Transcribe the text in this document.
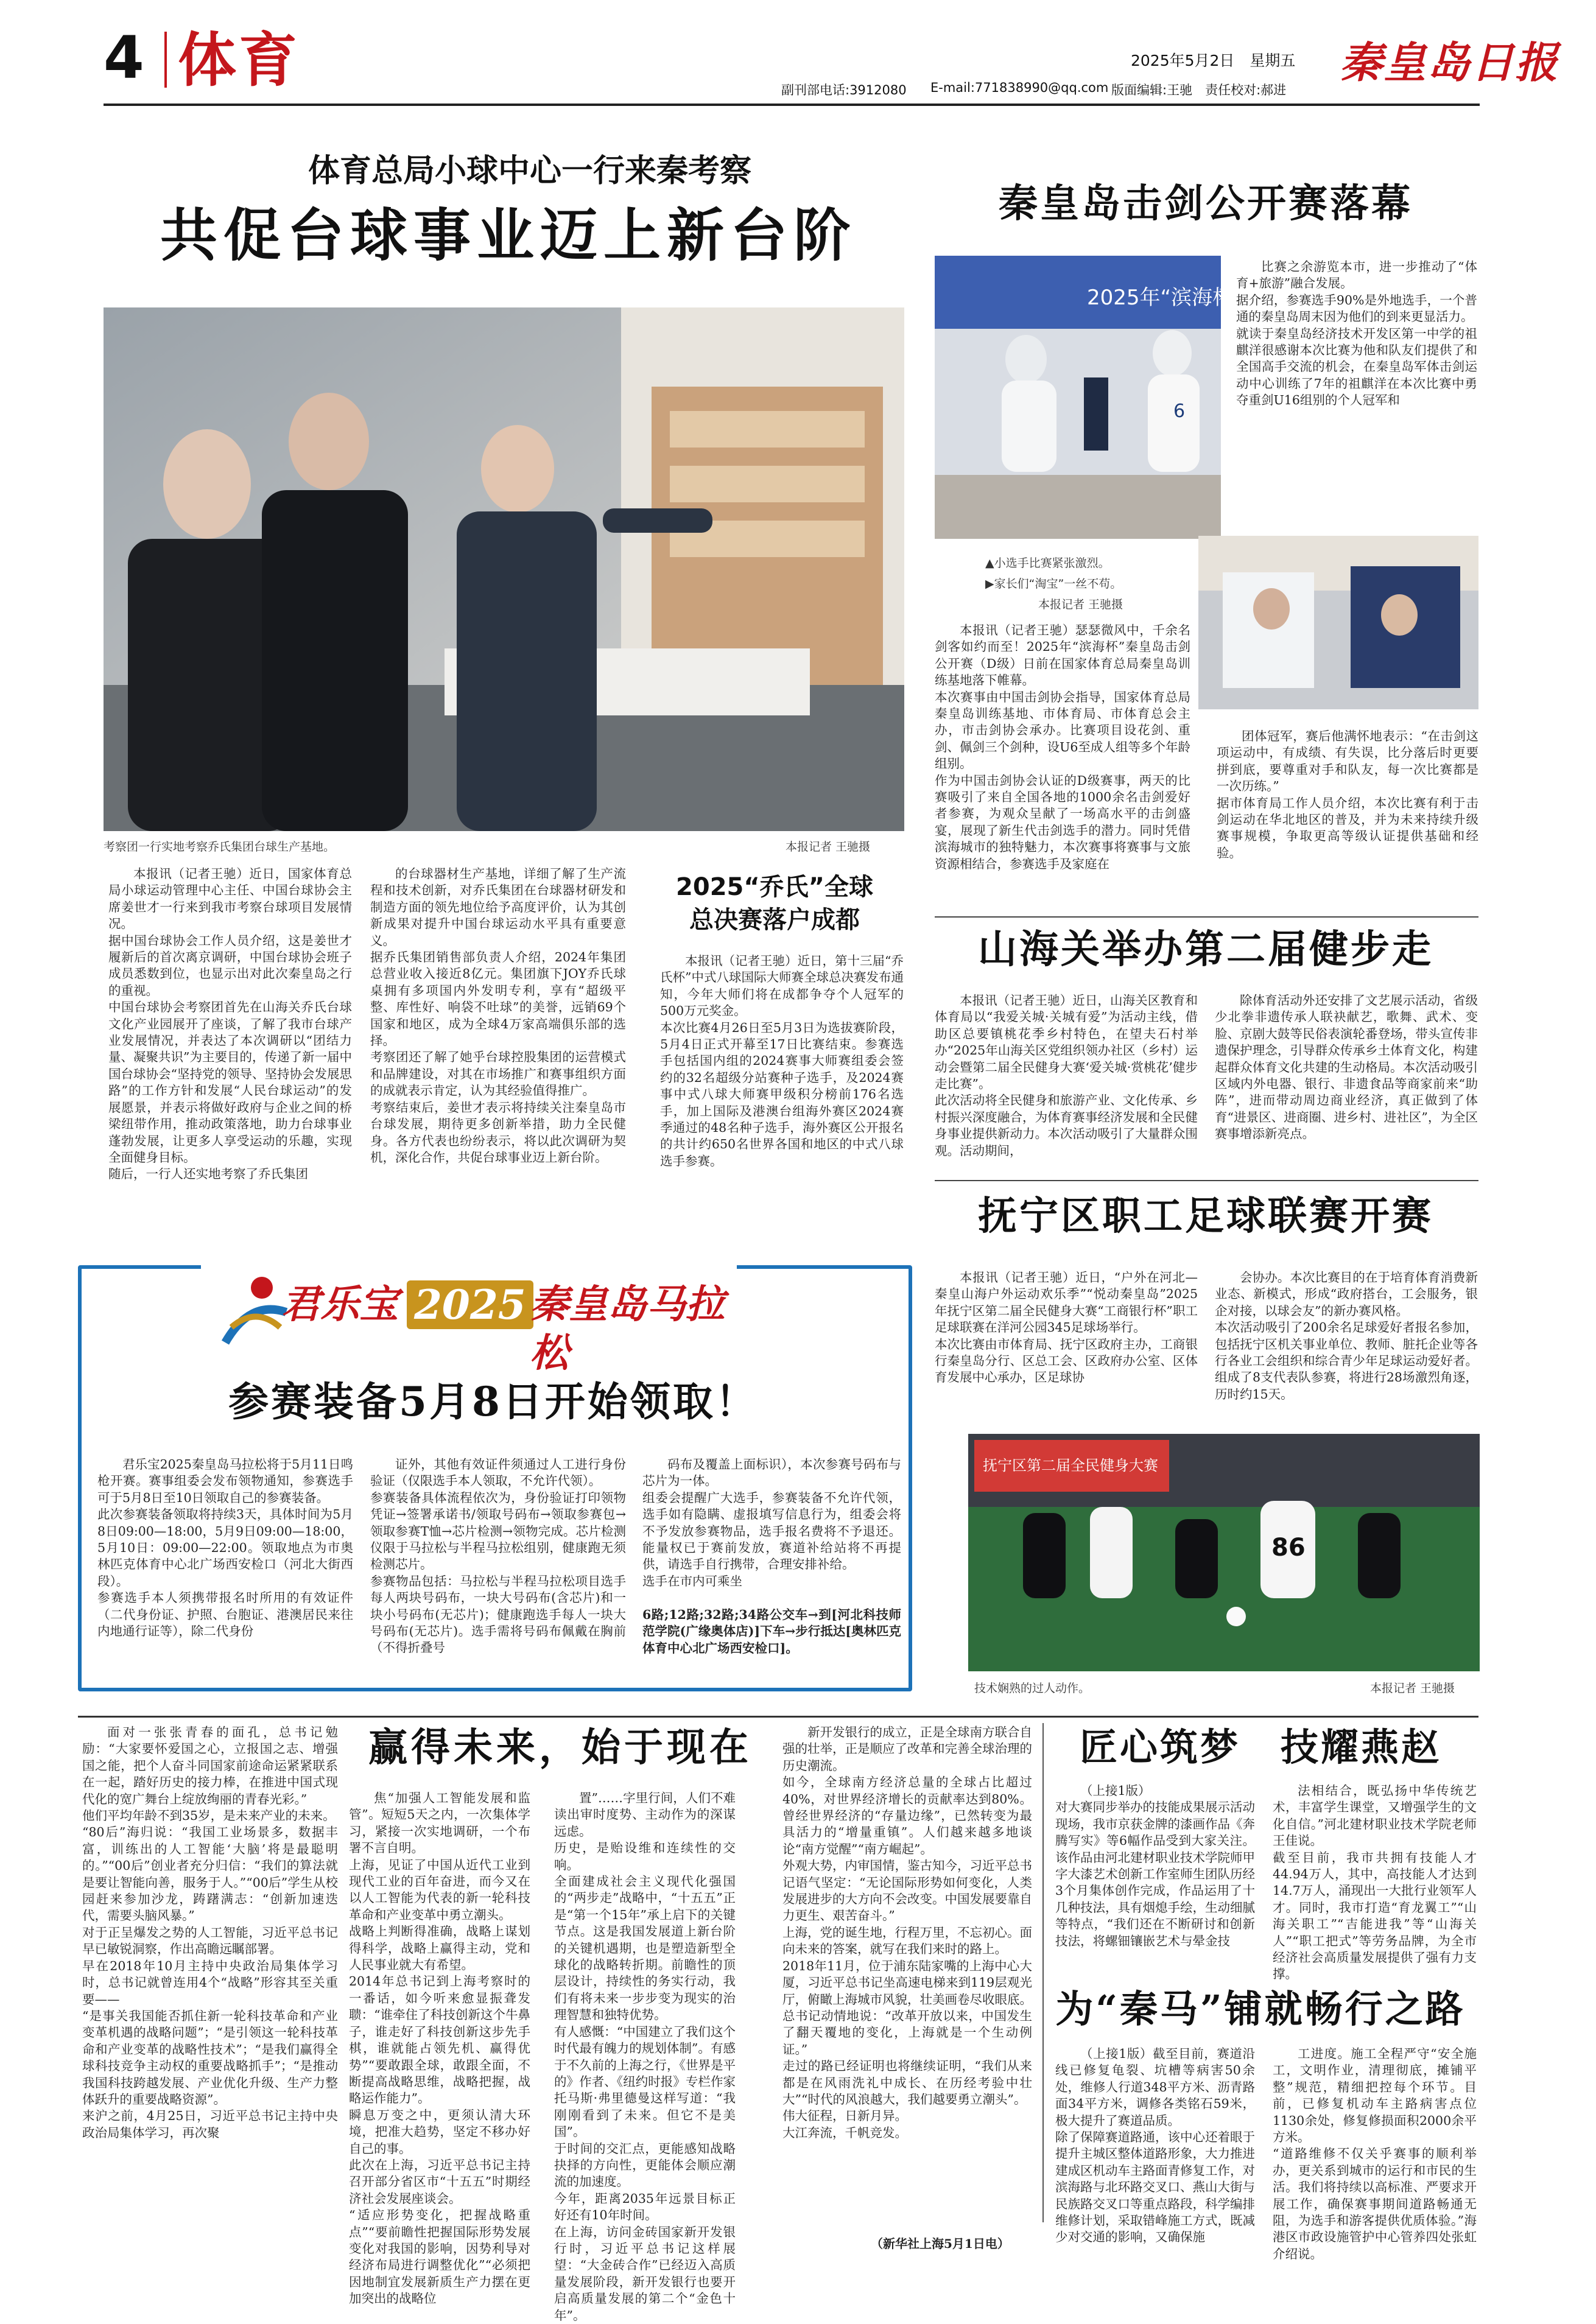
4 体育	2025年5月2日　星期五 秦皇岛日报
副刊部电话:3912080 E-mail:771838990@qq.com 版面编辑:王驰　责任校对:郝进
体育总局小球中心一行来秦考察
共促台球事业迈上新台阶
考察团一行实地考察乔氏集团台球生产基地。	本报记者 王驰摄
本报讯（记者王驰）近日，国家体育总局小球运动管理中心主任、中国台球协会主席姜世才一行来到我市考察台球项目发展情况。
据中国台球协会工作人员介绍，这是姜世才履新后的首次离京调研，中国台球协会班子成员悉数到位，也显示出对此次秦皇岛之行的重视。
中国台球协会考察团首先在山海关乔氏台球文化产业园展开了座谈，了解了我市台球产业发展情况，并表达了本次调研以“团结力量、凝聚共识”为主要目的，传递了新一届中国台球协会“坚持党的领导、坚持协会发展思路”的工作方针和发展“人民台球运动”的发展愿景，并表示将做好政府与企业之间的桥梁纽带作用，推动政策落地，助力台球事业蓬勃发展，让更多人享受运动的乐趣，实现全面健身目标。
随后，一行人还实地考察了乔氏集团
的台球器材生产基地，详细了解了生产流程和技术创新，对乔氏集团在台球器材研发和制造方面的领先地位给予高度评价，认为其创新成果对提升中国台球运动水平具有重要意义。
据乔氏集团销售部负责人介绍，2024年集团总营业收入接近8亿元。集团旗下JOY乔氏球桌拥有多项国内外发明专利，享有“超级平整、库性好、响袋不吐球”的美誉，远销69个国家和地区，成为全球4万家高端俱乐部的选择。
考察团还了解了她乎台球控股集团的运营模式和品牌建设，对其在市场推广和赛事组织方面的成就表示肯定，认为其经验值得推广。
考察结束后，姜世才表示将持续关注秦皇岛市台球发展，期待更多创新举措，助力全民健身。各方代表也纷纷表示，将以此次调研为契机，深化合作，共促台球事业迈上新台阶。
2025“乔氏”全球
总决赛落户成都
本报讯（记者王驰）近日，第十三届“乔氏杯”中式八球国际大师赛全球总决赛发布通知，今年大师们将在成都争夺个人冠军的500万元奖金。
本次比赛4月26日至5月3日为选拔赛阶段，5月4日正式开幕至17日比赛结束。参赛选手包括国内组的2024赛事大师赛组委会签约的32名超级分站赛种子选手，及2024赛事中式八球大师赛甲级积分榜前176名选手，加上国际及港澳台组海外赛区2024赛季通过的48名种子选手，海外赛区公开报名的共计约650名世界各国和地区的中式八球选手参赛。
秦皇岛击剑公开赛落幕
2025年“滨海杯”
6
比赛之余游览本市，进一步推动了“体育+旅游”融合发展。
据介绍，参赛选手90%是外地选手，一个普通的秦皇岛周末因为他们的到来更显活力。
就读于秦皇岛经济技术开发区第一中学的祖麒洋很感谢本次比赛为他和队友们提供了和全国高手交流的机会，在秦皇岛军体击剑运动中心训练了7年的祖麒洋在本次比赛中勇夺重剑U16组别的个人冠军和
▲小选手比赛紧张激烈。
▶家长们“淘宝”一丝不苟。
本报记者 王驰摄
本报讯（记者王驰）瑟瑟微风中，千余名剑客如约而至！2025年“滨海杯”秦皇岛击剑公开赛（D级）日前在国家体育总局秦皇岛训练基地落下帷幕。
本次赛事由中国击剑协会指导，国家体育总局秦皇岛训练基地、市体育局、市体育总会主办，市击剑协会承办。比赛项目设花剑、重剑、佩剑三个剑种，设U6至成人组等多个年龄组别。
作为中国击剑协会认证的D级赛事，两天的比赛吸引了来自全国各地的1000余名击剑爱好者参赛，为观众呈献了一场高水平的击剑盛宴，展现了新生代击剑选手的潜力。同时凭借滨海城市的独特魅力，本次赛事将赛事与文旅资源相结合，参赛选手及家庭在
团体冠军，赛后他满怀地表示：“在击剑这项运动中，有成绩、有失误，比分落后时更要拼到底，要尊重对手和队友，每一次比赛都是一次历练。”
据市体育局工作人员介绍，本次比赛有利于击剑运动在华北地区的普及，并为未来持续升级赛事规模，争取更高等级认证提供基础和经验。
山海关举办第二届健步走
本报讯（记者王驰）近日，山海关区教育和体育局以“我爱关城·关城有爱”为活动主线，借助区总要镇桃花季乡村特色，在望夫石村举办“2025年山海关区党组织领办社区（乡村）运动会暨第二届全民健身大赛‘爱关城·赏桃花’健步走比赛”。
此次活动将全民健身和旅游产业、文化传承、乡村振兴深度融合，为体育赛事经济发展和全民健身事业提供新动力。本次活动吸引了大量群众围观。活动期间，
除体育活动外还安排了文艺展示活动，省级少北拳非遗传承人联袂献艺，歌舞、武术、变脸、京剧大鼓等民俗表演轮番登场，带头宣传非遗保护理念，引导群众传承乡土体育文化，构建起群众体育文化共建的生动格局。本次活动吸引区域内外电器、银行、非遗食品等商家前来“助阵”，进而带动周边商业经济，真正做到了体育“进景区、进商圈、进乡村、进社区”，为全区赛事增添新亮点。
抚宁区职工足球联赛开赛
本报讯（记者王驰）近日，“户外在河北—秦皇山海户外运动欢乐季”“悦动秦皇岛”2025年抚宁区第二届全民健身大赛“工商银行杯”职工足球联赛在洋河公园345足球场举行。
本次比赛由市体育局、抚宁区政府主办，工商银行秦皇岛分行、区总工会、区政府办公室、区体育发展中心承办，区足球协
会协办。本次比赛目的在于培育体育消费新业态、新模式，形成“政府搭台，工会服务，银企对接，以球会友”的新办赛风格。
本次活动吸引了200余名足球爱好者报名参加，包括抚宁区机关事业单位、教师、脏托企业等各行各业工会组织和综合青少年足球运动爱好者。组成了8支代表队参赛，将进行28场激烈角逐，历时约15天。
抚宁区第二届全民健身大赛
86
技术娴熟的过人动作。	本报记者 王驰摄
君乐宝 2025 秦皇岛马拉松
参赛装备5月8日开始领取！
君乐宝2025秦皇岛马拉松将于5月11日鸣枪开赛。赛事组委会发布领物通知，参赛选手可于5月8日至10日领取自己的参赛装备。
此次参赛装备领取将持续3天，具体时间为5月8日09:00—18:00，5月9日09:00—18:00，5月10日：09:00—22:00。领取地点为市奥林匹克体育中心北广场西安检口（河北大街西段）。
参赛选手本人须携带报名时所用的有效证件（二代身份证、护照、台胞证、港澳居民来往内地通行证等），除二代身份
证外，其他有效证件须通过人工进行身份验证（仅限选手本人领取，不允许代领）。
参赛装备具体流程依次为，身份验证打印领物凭证→签署承诺书/领取号码布→领取参赛包→领取参赛T恤→芯片检测→领物完成。芯片检测仪限于马拉松与半程马拉松组别，健康跑无须检测芯片。
参赛物品包括：马拉松与半程马拉松项目选手每人两块号码布，一块大号码布(含芯片)和一块小号码布(无芯片)；健康跑选手每人一块大号码布(无芯片)。选手需将号码布佩戴在胸前（不得折叠号
码布及覆盖上面标识），本次参赛号码布与芯片为一体。
组委会提醒广大选手，参赛装备不允许代领，选手如有隐瞒、虚报填写信息行为，组委会将不予发放参赛物品，选手报名费将不予退还。能量权已于赛前发放，赛道补给站将不再提供，请选手自行携带，合理安排补给。
选手在市内可乘坐
6路;12路;32路;34路公交车→到[河北科技师范学院(广缘奥体店)]下车→步行抵达[奥林匹克体育中心北广场西安检口]。
面对一张张青春的面孔，总书记勉励：“大家要怀爱国之心，立报国之志、增强国之能，把个人奋斗同国家前途命运紧紧联系在一起，踏好历史的接力棒，在推进中国式现代化的宽广舞台上绽放绚丽的青春光彩。”
他们平均年龄不到35岁，是未来产业的未来。
“80后”海归说：“我国工业场景多，数据丰富，训练出的人工智能‘大脑’将是最聪明的。”“00后”创业者充分归信：“我们的算法就是要让智能向善，服务于人。”“00后”学生从校园赶来参加沙龙，踌躇满志：“创新加速迭代，需要头脑风暴。”
对于正呈爆发之势的人工智能，习近平总书记早已敏锐洞察，作出高瞻远瞩部署。
早在2018年10月主持中央政治局集体学习时，总书记就曾连用4个“战略”形容其至关重要——
“是事关我国能否抓住新一轮科技革命和产业变革机遇的战略问题”；“是引领这一轮科技革命和产业变革的战略性技术”；“是我们赢得全球科技竞争主动权的重要战略抓手”；“是推动我国科技跨越发展、产业优化升级、生产力整体跃升的重要战略资源”。
来沪之前，4月25日，习近平总书记主持中央政治局集体学习，再次聚
赢得未来，始于现在
焦“加强人工智能发展和监管”。短短5天之内，一次集体学习，紧接一次实地调研，一个布署不言自明。
上海，见证了中国从近代工业到现代工业的百年奋进，而今又在以人工智能为代表的新一轮科技革命和产业变革中勇立潮头。
战略上判断得准确，战略上谋划得科学，战略上赢得主动，党和人民事业就大有希望。
2014年总书记到上海考察时的一番话，如今听来愈显振聋发聩：“谁牵住了科技创新这个牛鼻子，谁走好了科技创新这步先手棋，谁就能占领先机、赢得优势”“要敢跟全球，敢跟全面，不断提高战略思维，战略把握，战略运作能力”。
瞬息万变之中，更须认清大环境，把准大趋势，坚定不移办好自己的事。
此次在上海，习近平总书记主持召开部分省区市“十五五”时期经济社会发展座谈会。
“适应形势变化，把握战略重点”“要前瞻性把握国际形势发展变化对我国的影响，因势利导对经济布局进行调整优化”“必须把因地制宜发展新质生产力摆在更加突出的战略位
置”……字里行间，人们不难读出审时度势、主动作为的深谋远虑。
历史，是贻设维和连续性的交响。
全面建成社会主义现代化强国的“两步走”战略中，“十五五”正是“第一个15年”承上启下的关键节点。这是我国发展道上新台阶的关键机遇期，也是塑造新型全球化的战略转折期。前瞻性的顶层设计，持续性的务实行动，我们有将未来一步步变为现实的治理智慧和独特优势。
有人感慨：“中国建立了我们这个时代最有魄力的规划体制”。有感于不久前的上海之行，《世界是平的》作者、《纽约时报》专栏作家托马斯·弗里德曼这样写道：“我刚刚看到了未来。但它不是美国”。
于时间的交汇点，更能感知战略抉择的方向性，更能体会顺应潮流的加速度。
今年，距离2035年远景目标正好还有10年时间。
在上海，访问金砖国家新开发银行时，习近平总书记这样展望：“大金砖合作”已经迈入高质量发展阶段，新开发银行也要开启高质量发展的第二个“金色十年”。
新开发银行的成立，正是全球南方联合自强的壮举，正是顺应了改革和完善全球治理的历史潮流。
如今，全球南方经济总量的全球占比超过40%，对世界经济增长的贡献率达到80%。曾经世界经济的“存量边缘”，已然转变为最具活力的“增量重镇”。人们越来越多地谈论“南方觉醒”“南方崛起”。
外观大势，内审国情，鉴古知今，习近平总书记语气坚定：“无论国际形势如何变化，人类发展进步的大方向不会改变。中国发展要靠自力更生、艰苦奋斗。”
上海，党的诞生地，行程万里，不忘初心。面向未来的答案，就写在我们来时的路上。
2018年11月，位于浦东陆家嘴的上海中心大厦，习近平总书记坐高速电梯来到119层观光厅，俯瞰上海城市风貌，壮美画卷尽收眼底。总书记动情地说：“改革开放以来，中国发生了翻天覆地的变化，上海就是一个生动例证。”
走过的路已经证明也将继续证明，“我们从来都是在风雨洗礼中成长、在历经考验中壮大”“时代的风浪越大，我们越要勇立潮头”。
伟大征程，日新月异。
大江奔流，千帆竞发。
（新华社上海5月1日电）
匠心筑梦　技耀燕赵
（上接1版）
对大赛同步举办的技能成果展示活动现场，我市京获金牌的漆画作品《奔腾写实》等6幅作品受到大家关注。该作品由河北建材职业技术学院师甲字大漆艺术创新工作室师生团队历经3个月集体创作完成，作品运用了十几种技法，具有烟熄手绘，生动细腻等特点，“我们还在不断研讨和创新技法，将螺钿镶嵌艺术与晕金技
法相结合，既弘扬中华传统艺术，丰富学生课堂，又增强学生的文化自信。”河北建材职业技术学院老师王佳说。
截至目前，我市共拥有技能人才44.94万人，其中，高技能人才达到14.7万人，涌现出一大批行业领军人才。同时，我市打造“育龙翼工”“山海关职工”“吉能进我”等“山海关人”“职工把式”等劳务品牌，为全市经济社会高质量发展提供了强有力支撑。
为“秦马”铺就畅行之路
（上接1版）截至目前，赛道沿线已修复龟裂、坑槽等病害50余处，维修人行道348平方米、沥青路面34平方米，调修各类铭石59米，极大提升了赛道品质。
除了保障赛道路通，该中心还着眼于提升主城区整体道路形象，大力推进建成区机动车主路面青修复工作，对滨海路与北环路交叉口、燕山大街与民族路交叉口等重点路段，科学编排维修计划，采取错峰施工方式，既减少对交通的影响，又确保施
工进度。施工全程严守“安全施工，文明作业，清理彻底，摊铺平整”规范，精细把控每个环节。目前，已修复机动车主路病害点位1130余处，修复修损面积2000余平方米。
“道路维修不仅关乎赛事的顺利举办，更关系到城市的运行和市民的生活。我们将持续以高标准、严要求开展工作，确保赛事期间道路畅通无阻，为选手和游客提供优质体验。”海港区市政设施管护中心管养四处张虹介绍说。
